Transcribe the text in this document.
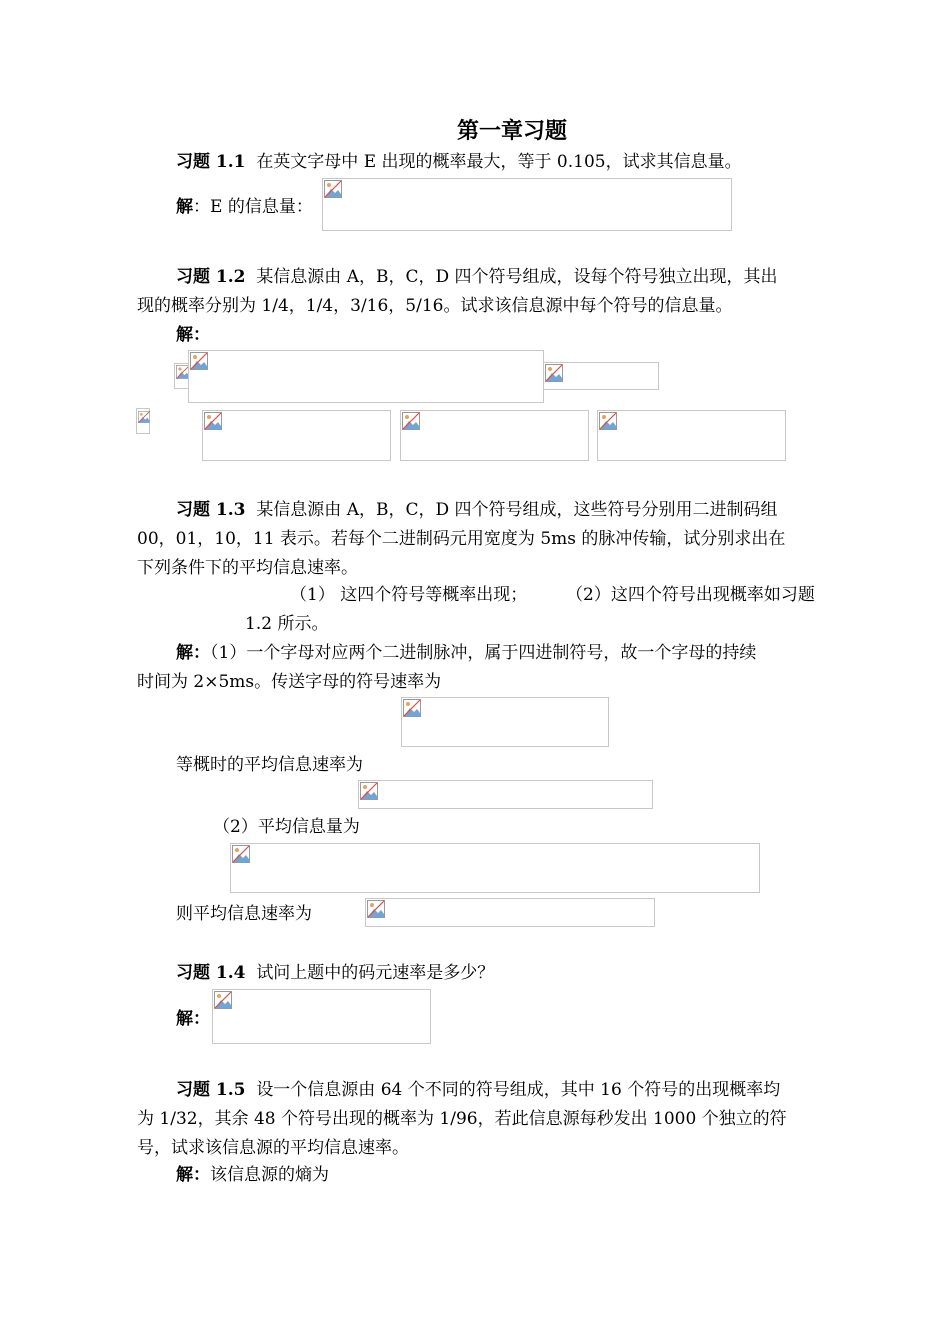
第一章习题
习题 1.1 在英文字母中 E 出现的概率最大，等于 0.105，试求其信息量。
解：E 的信息量：
习题 1.2 某信息源由 A，B，C，D 四个符号组成，设每个符号独立出现，其出
现的概率分别为 1/4，1/4，3/16，5/16。试求该信息源中每个符号的信息量。
解：
习题 1.3 某信息源由 A，B，C，D 四个符号组成，这些符号分别用二进制码组
00，01，10，11 表示。若每个二进制码元用宽度为 5ms 的脉冲传输，试分别求出在
下列条件下的平均信息速率。
（1） 这四个符号等概率出现； （2）这四个符号出现概率如习题
1.2 所示。
解：（1）一个字母对应两个二进制脉冲，属于四进制符号，故一个字母的持续
时间为 2×5ms。传送字母的符号速率为
等概时的平均信息速率为
（2）平均信息量为
则平均信息速率为
习题 1.4 试问上题中的码元速率是多少？
解：
习题 1.5 设一个信息源由 64 个不同的符号组成，其中 16 个符号的出现概率均
为 1/32，其余 48 个符号出现的概率为 1/96，若此信息源每秒发出 1000 个独立的符
号，试求该信息源的平均信息速率。
解：该信息源的熵为
